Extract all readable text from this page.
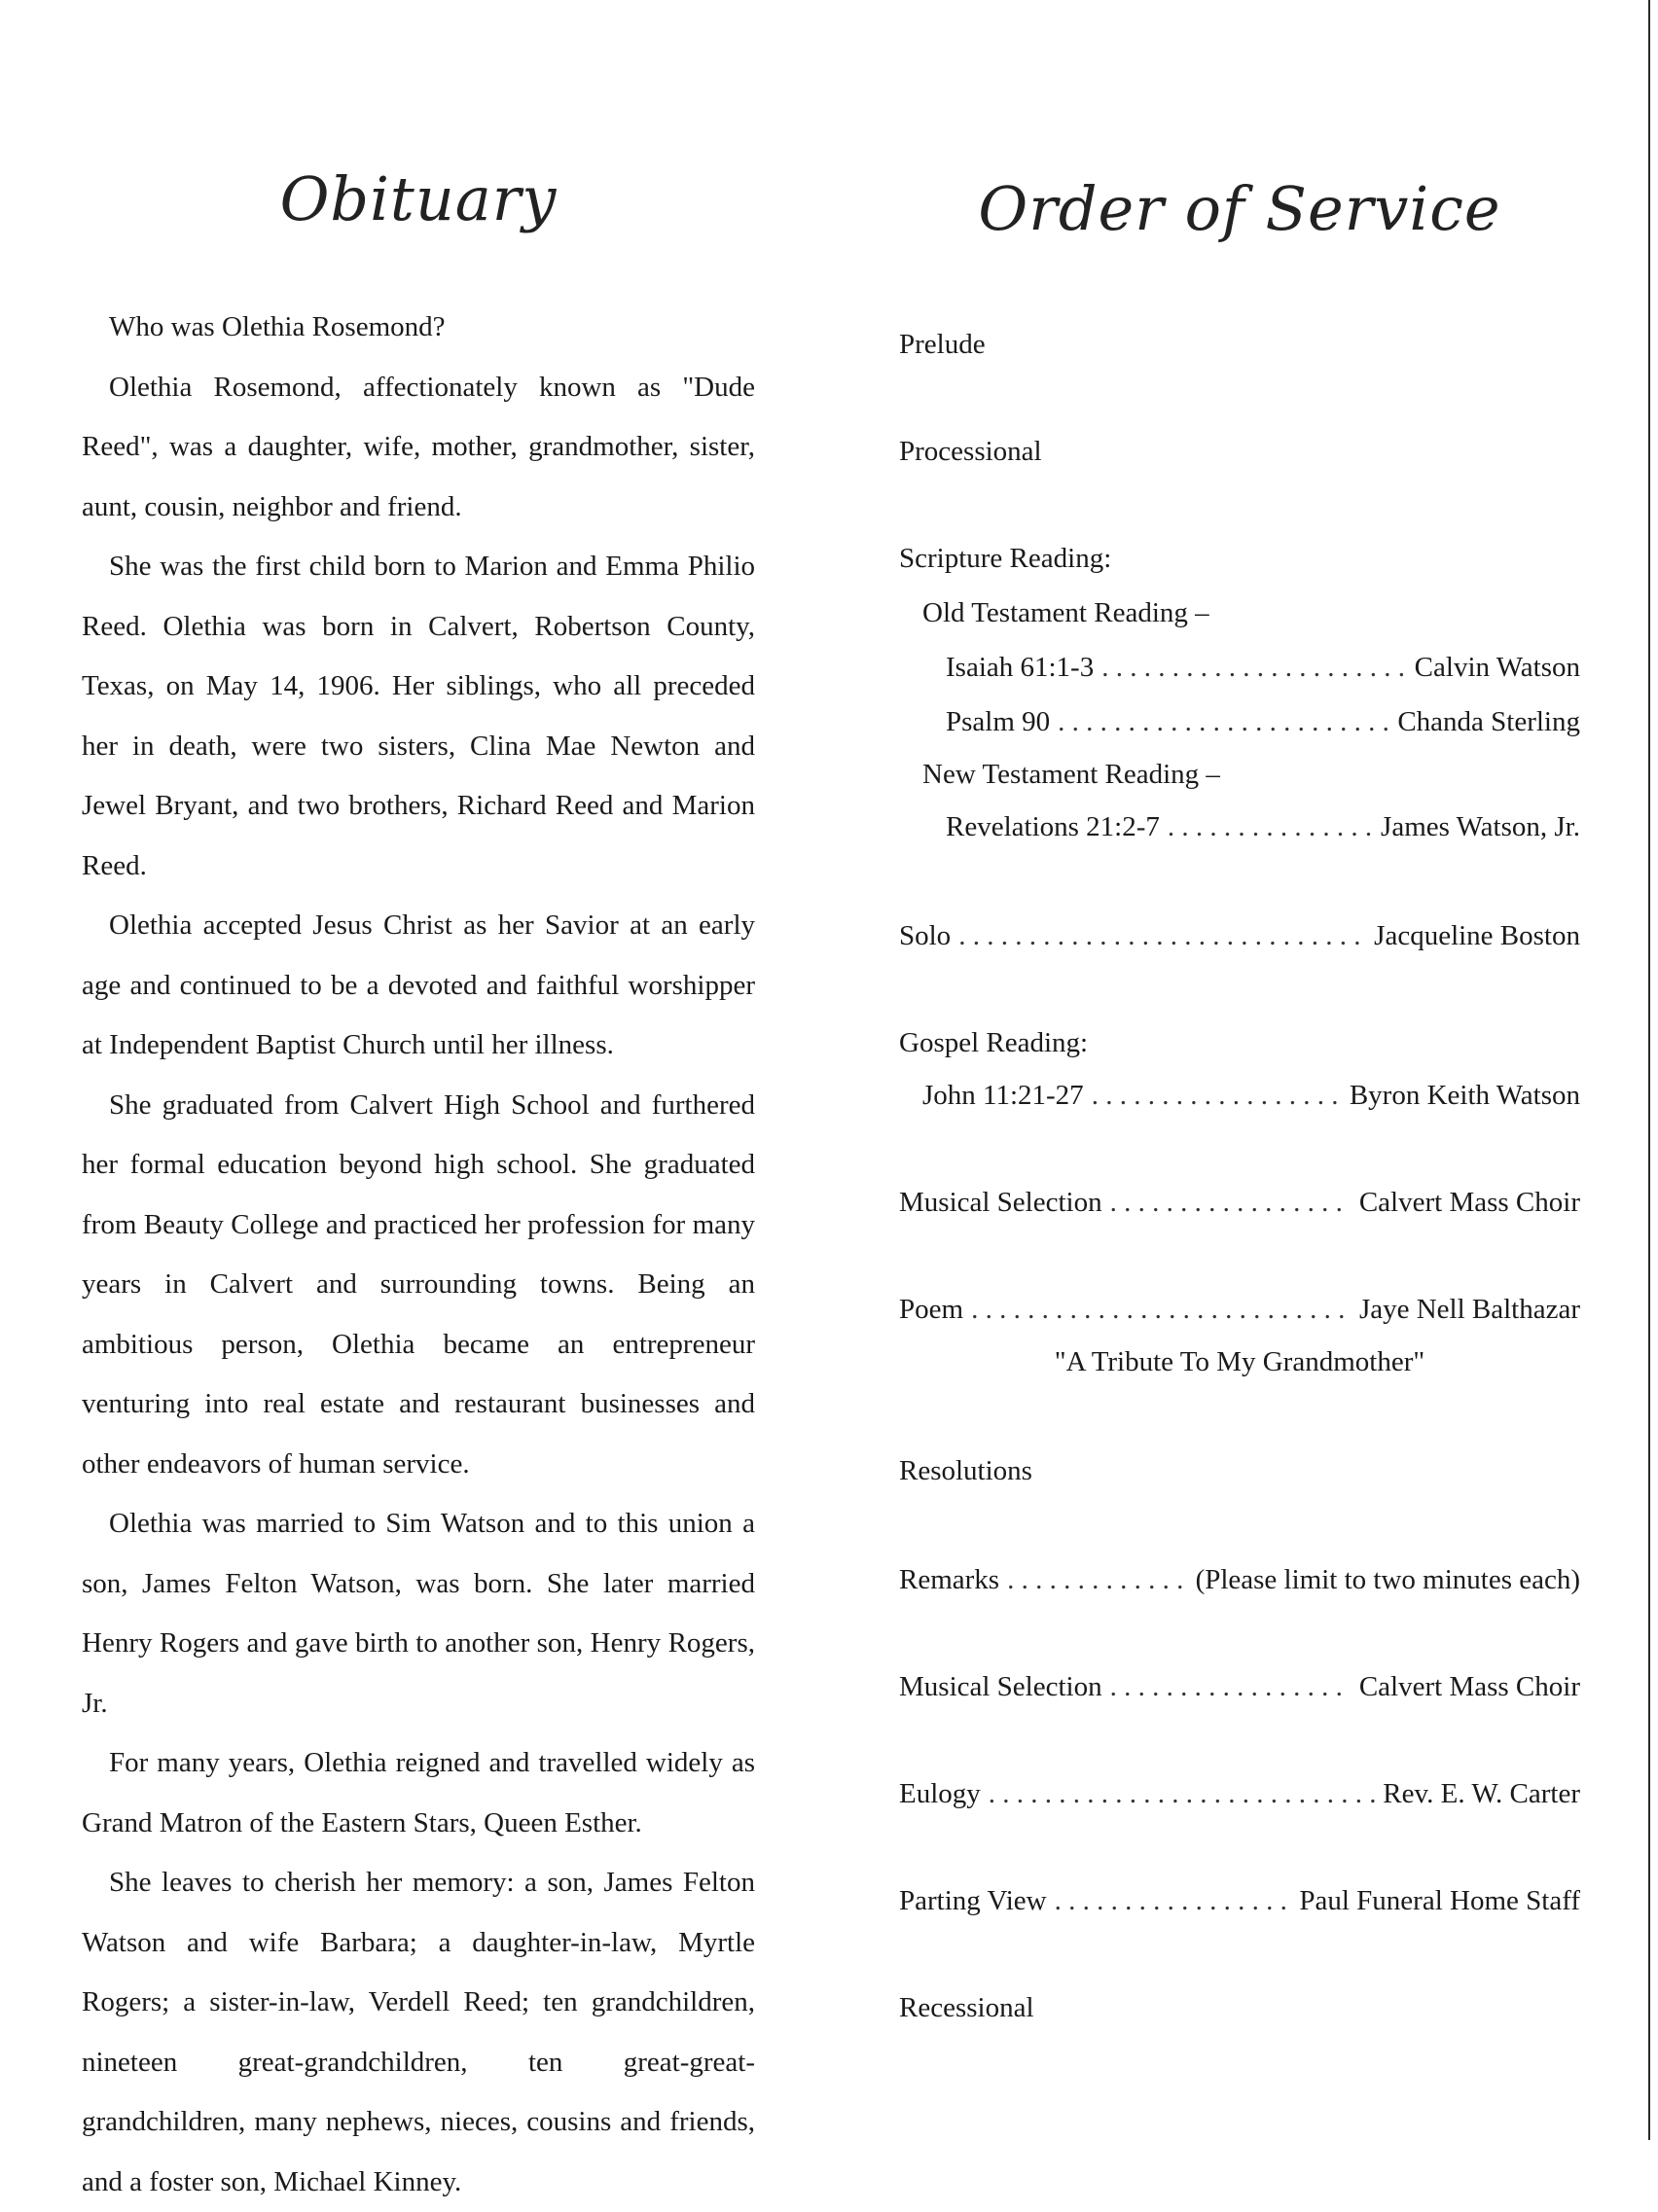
Obituary

Who was Olethia Rosemond?

Olethia Rosemond, affectionately known as "Dude Reed", was a daughter, wife, mother, grandmother, sister, aunt, cousin, neighbor and friend.

She was the first child born to Marion and Emma Philio Reed. Olethia was born in Calvert, Robertson County, Texas, on May 14, 1906. Her siblings, who all preceded her in death, were two sisters, Clina Mae Newton and Jewel Bryant, and two brothers, Richard Reed and Marion Reed.

Olethia accepted Jesus Christ as her Savior at an early age and continued to be a devoted and faithful worshipper at Independent Baptist Church until her illness.

She graduated from Calvert High School and furthered her formal education beyond high school. She graduated from Beauty College and practiced her profession for many years in Calvert and surrounding towns. Being an ambitious person, Olethia became an entrepreneur venturing into real estate and restaurant businesses and other endeavors of human service.

Olethia was married to Sim Watson and to this union a son, James Felton Watson, was born. She later married Henry Rogers and gave birth to another son, Henry Rogers, Jr.

For many years, Olethia reigned and travelled widely as Grand Matron of the Eastern Stars, Queen Esther.

She leaves to cherish her memory: a son, James Felton Watson and wife Barbara; a daughter-in-law, Myrtle Rogers; a sister-in-law, Verdell Reed; ten grandchildren, nineteen great-grandchildren, ten great-great-grandchildren, many nephews, nieces, cousins and friends, and a foster son, Michael Kinney.

Order of Service
Prelude
Processional
Scripture Reading:
Old Testament Reading –
Isaiah 61:1-3 . . .	Calvin Watson
Psalm 90 . . .	Chanda Sterling
New Testament Reading –
Revelations 21:2-7 . . .	James Watson, Jr.
Solo . . .	Jacqueline Boston
Gospel Reading:
John 11:21-27 . . .	Byron Keith Watson
Musical Selection . . .	Calvert Mass Choir
Poem . . .	Jaye Nell Balthazar
"A Tribute To My Grandmother"
Resolutions
Remarks . . .	(Please limit to two minutes each)
Musical Selection . . .	Calvert Mass Choir
Eulogy . . .	Rev. E. W. Carter
Parting View . . .	Paul Funeral Home Staff
Recessional
